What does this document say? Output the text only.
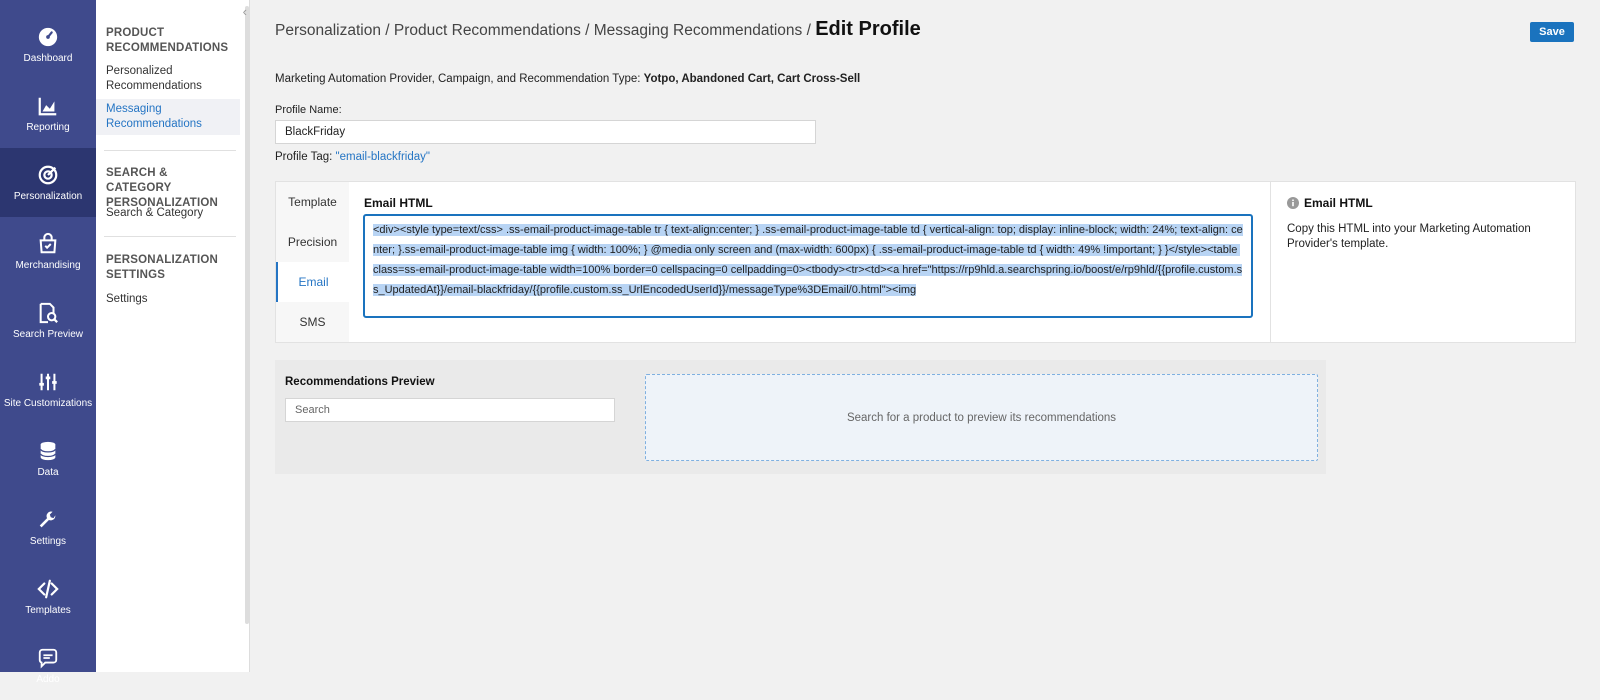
Dashboard
Reporting
Personalization
Merchandising
Search Preview
Site Customizations
Data
Settings
Templates
Addo
‹
PRODUCT RECOMMENDATIONS
Personalized Recommendations
Messaging Recommendations
SEARCH & CATEGORY PERSONALIZATION
Search & Category
PERSONALIZATION SETTINGS
Settings
Personalization / Product Recommendations / Messaging Recommendations / Edit Profile	Save
Marketing Automation Provider, Campaign, and Recommendation Type: Yotpo, Abandoned Cart, Cart Cross-Sell
Profile Name:
BlackFriday
Profile Tag: "email-blackfriday"
Template
Precision
Email
SMS
Email HTML
<div><style type=text/css> .ss-email-product-image-table tr { text-align:center; } .ss-email-product-image-table td { vertical-align: top; display: inline-block; width: 24%; text-align: center; }.ss-email-product-image-table img { width: 100%; } @media only screen and (max-width: 600px) { .ss-email-product-image-table td { width: 49% !important; } }</style><table class=ss-email-product-image-table width=100% border=0 cellspacing=0 cellpadding=0><tbody><tr><td><a href="https://rp9hld.a.searchspring.io/boost/e/rp9hld/{{profile.custom.ss_UpdatedAt}}/email-blackfriday/{{profile.custom.ss_UrlEncodedUserId}}/messageType%3DEmail/0.html"><img
Email HTML
Copy this HTML into your Marketing Automation Provider's template.
Recommendations Preview
Search
Search for a product to preview its recommendations
